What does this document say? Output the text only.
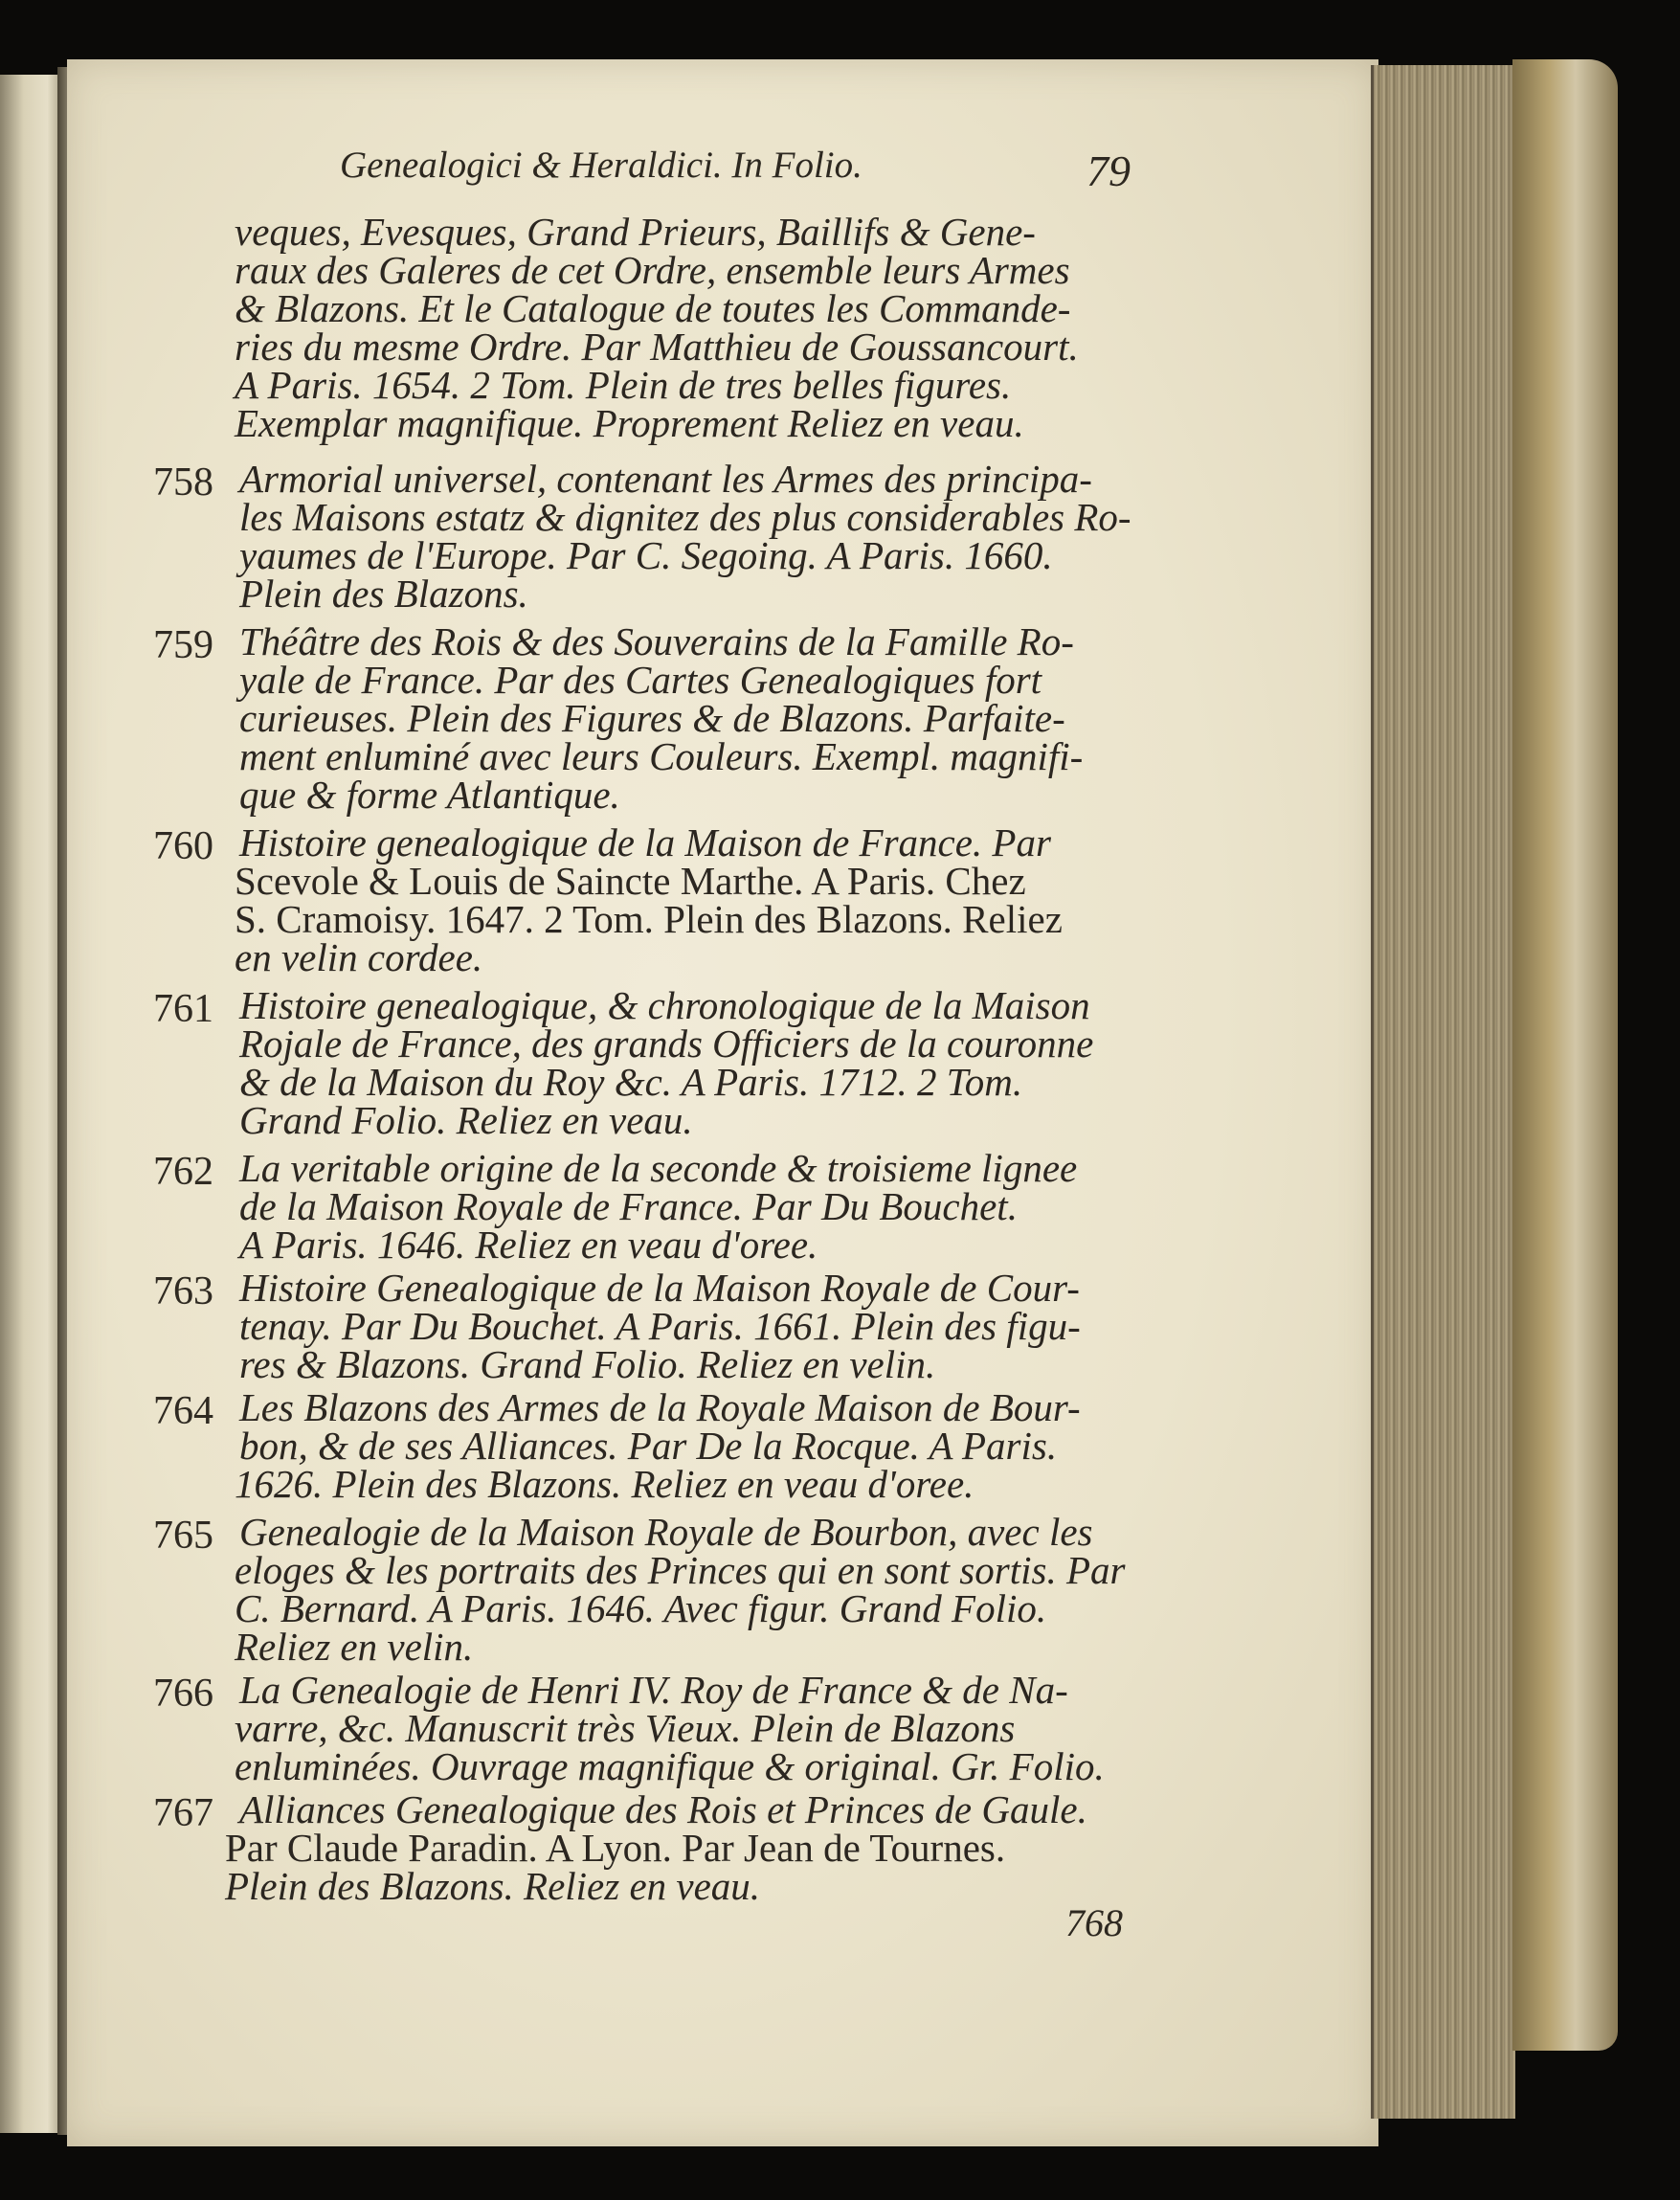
Genealogici & Heraldici. In Folio.	79
veques, Evesques, Grand Prieurs, Baillifs & Gene-
raux des Galeres de cet Ordre, ensemble leurs Armes
& Blazons. Et le Catalogue de toutes les Commande-
ries du mesme Ordre. Par Matthieu de Goussancourt.
A Paris. 1654. 2 Tom. Plein de tres belles figures.
Exemplar magnifique. Proprement Reliez en veau.
758 Armorial universel, contenant les Armes des principa-
les Maisons estatz & dignitez des plus considerables Ro-
yaumes de l'Europe. Par C. Segoing. A Paris. 1660.
Plein des Blazons.
759 Théâtre des Rois & des Souverains de la Famille Ro-
yale de France. Par des Cartes Genealogiques fort
curieuses. Plein des Figures & de Blazons. Parfaite-
ment enluminé avec leurs Couleurs. Exempl. magnifi-
que & forme Atlantique.
760 Histoire genealogique de la Maison de France. Par
Scevole & Louis de Saincte Marthe. A Paris. Chez
S. Cramoisy. 1647. 2 Tom. Plein des Blazons. Reliez
en velin cordee.
761 Histoire genealogique, & chronologique de la Maison
Rojale de France, des grands Officiers de la couronne
& de la Maison du Roy &c. A Paris. 1712. 2 Tom.
Grand Folio. Reliez en veau.
762 La veritable origine de la seconde & troisieme lignee
de la Maison Royale de France. Par Du Bouchet.
A Paris. 1646. Reliez en veau d'oree.
763 Histoire Genealogique de la Maison Royale de Cour-
tenay. Par Du Bouchet. A Paris. 1661. Plein des figu-
res & Blazons. Grand Folio. Reliez en velin.
764 Les Blazons des Armes de la Royale Maison de Bour-
bon, & de ses Alliances. Par De la Rocque. A Paris.
1626. Plein des Blazons. Reliez en veau d'oree.
765 Genealogie de la Maison Royale de Bourbon, avec les
eloges & les portraits des Princes qui en sont sortis. Par
C. Bernard. A Paris. 1646. Avec figur. Grand Folio.
Reliez en velin.
766 La Genealogie de Henri IV. Roy de France & de Na-
varre, &c. Manuscrit très Vieux. Plein de Blazons
enluminées. Ouvrage magnifique & original. Gr. Folio.
767 Alliances Genealogique des Rois et Princes de Gaule.
Par Claude Paradin. A Lyon. Par Jean de Tournes.
Plein des Blazons. Reliez en veau.
768
